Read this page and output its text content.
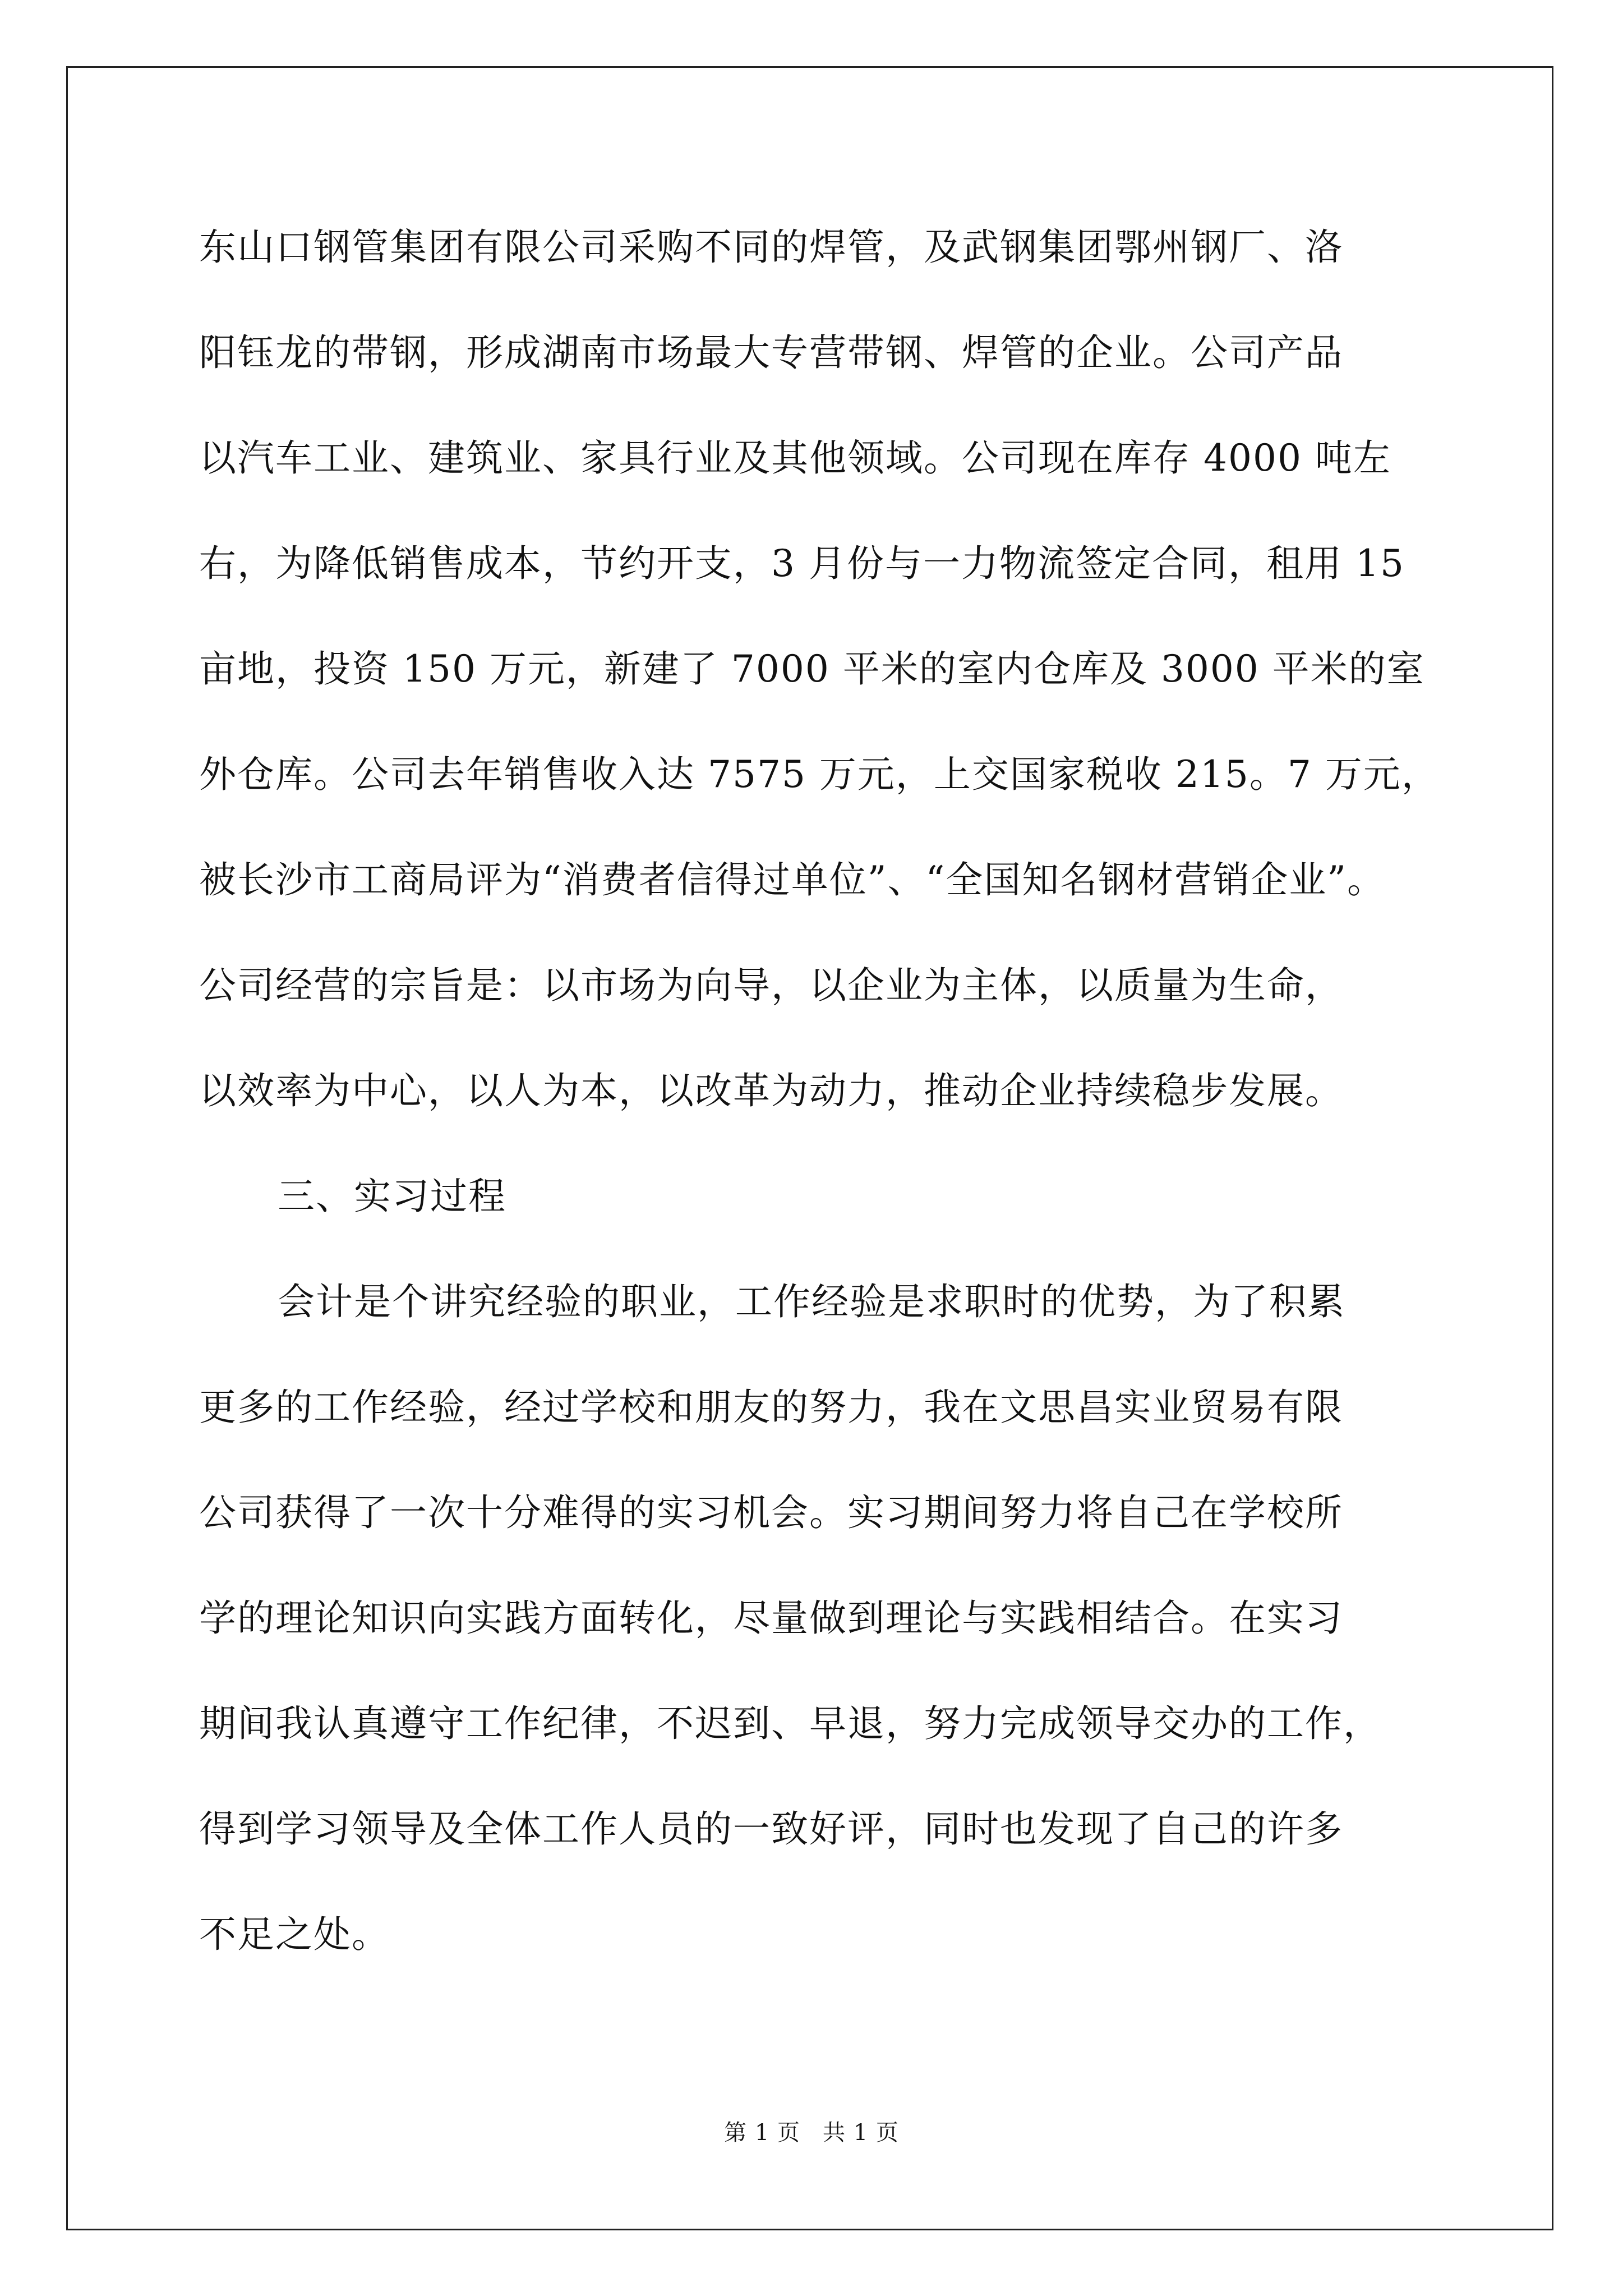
东山口钢管集团有限公司采购不同的焊管，及武钢集团鄂州钢厂、洛
阳钰龙的带钢，形成湖南市场最大专营带钢、焊管的企业。公司产品
以汽车工业、建筑业、家具行业及其他领域。公司现在库存 4000 吨左
右，为降低销售成本，节约开支，3 月份与一力物流签定合同，租用 15
亩地，投资 150 万元，新建了 7000 平米的室内仓库及 3000 平米的室
外仓库。公司去年销售收入达 7575 万元，上交国家税收 215。7 万元，
被长沙市工商局评为“消费者信得过单位”、“全国知名钢材营销企业”。
公司经营的宗旨是：以市场为向导，以企业为主体，以质量为生命，
以效率为中心，以人为本，以改革为动力，推动企业持续稳步发展。
三、实习过程
会计是个讲究经验的职业，工作经验是求职时的优势，为了积累
更多的工作经验，经过学校和朋友的努力，我在文思昌实业贸易有限
公司获得了一次十分难得的实习机会。实习期间努力将自己在学校所
学的理论知识向实践方面转化，尽量做到理论与实践相结合。在实习
期间我认真遵守工作纪律，不迟到、早退，努力完成领导交办的工作，
得到学习领导及全体工作人员的一致好评，同时也发现了自己的许多
不足之处。
第 1 页 共 1 页
